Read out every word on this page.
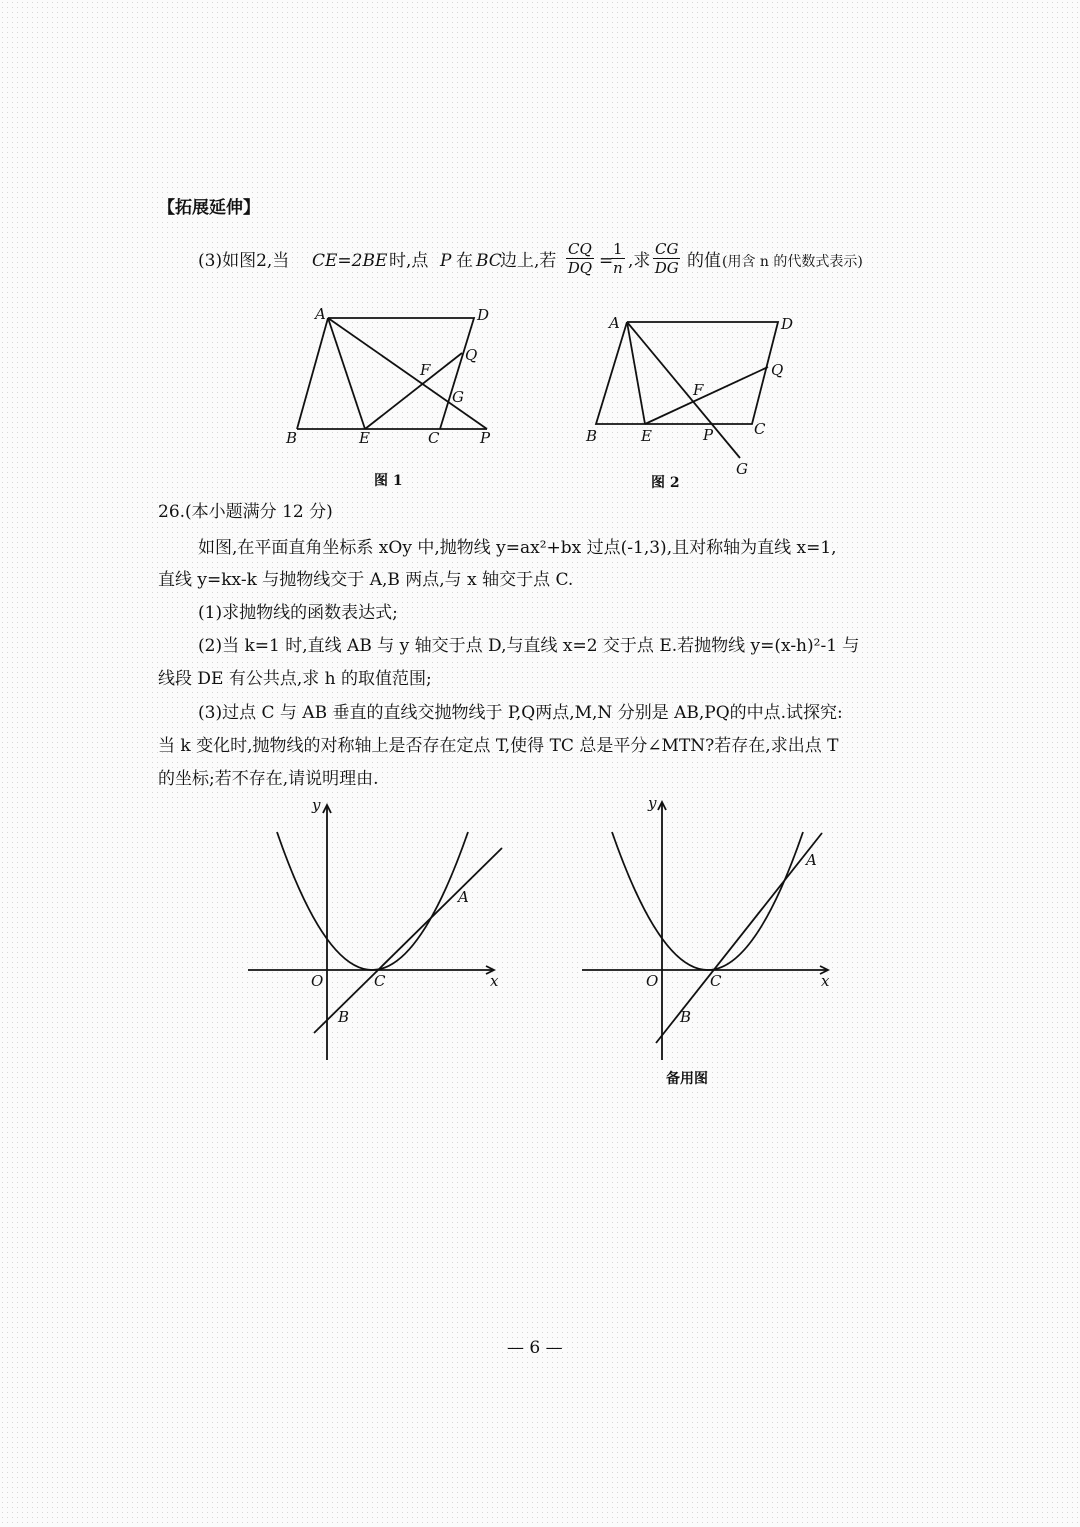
【拓展延伸】
(3)如图2,当 CE=2BE 时,点 P 在 BC
边上,若 $\frac{CQ}{DQ}$ =
$\frac{1}{n}$ ,求 $\frac{CG}{DG}$ 的值 (用含 n 的代数式表示)
A	D
Q
F
G
B	E	C	P
图 1
A	D
Q
F
B	E	P	C
G
图 2
26.(本小题满分 12 分)
如图,在平面直角坐标系 xOy 中,抛物线 y=ax²+bx 过点(-1,3),且对称轴为直线 x=1,
直线 y=kx-k 与抛物线交于 A,B 两点,与 x 轴交于点 C.
(1)求抛物线的函数表达式;
(2)当 k=1 时,直线 AB 与 y 轴交于点 D,与直线 x=2 交于点 E.若抛物线 y=(x-h)²-1 与
线段 DE 有公共点,求 h 的取值范围;
(3)过点 C 与 AB 垂直的直线交抛物线于 P,Q两点,M,N 分别是 AB,PQ的中点.试探究:
当 k 变化时,抛物线的对称轴上是否存在定点 T,使得 TC 总是平分∠MTN?若存在,求出点 T
的坐标;若不存在,请说明理由.
x
y
O	C
A
B
x
y
O	C
A
B
备用图
— 6 —
